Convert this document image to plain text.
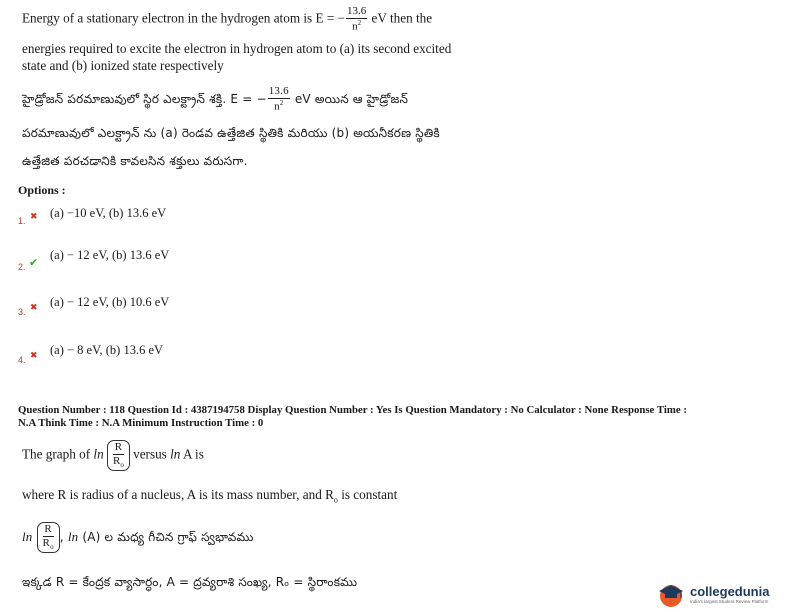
Energy of a stationary electron in the hydrogen atom is E = − $\frac{13.6}{n^2}$ eV then the
energies required to excite the electron in hydrogen atom to (a) its second excited
state and (b) ionized state respectively
హైడ్రోజన్ పరమాణువులో స్థిర ఎలక్ట్రాన్ శక్తి. E = − $\frac{13.6}{n^2}$ eV అయిన ఆ హైడ్రోజన్
పరమాణువులో ఎలక్ట్రాన్ ను (a) రెండవ ఉత్తేజిత స్థితికి మరియు (b) అయనీకరణ స్థితికి
ఉత్తేజిత పరచడానికి కావలసిన శక్తులు వరుసగా.
Options :
1. ✖ (a) −10 eV, (b) 13.6 eV
2. ✔
(a) − 12 eV, (b) 13.6 eV
3. ✖ (a) − 12 eV, (b) 10.6 eV
4. ✖ (a) − 8 eV, (b) 13.6 eV
Question Number : 118 Question Id : 4387194758 Display Question Number : Yes Is Question Mandatory : No Calculator : None Response Time :
N.A Think Time : N.A Minimum Instruction Time : 0
The graph of $\ln \frac{R}{R_o}$ versus ln A is
where R is radius of a nucleus, A is its mass number, and $R_o$ is constant
$\ln \frac{R}{R_o}$ , ln (A) ల మధ్య గీచిన గ్రాఫ్ స్వభావము
ఇక్కడ R = కేంద్రక వ్యాసార్ధం, A = ద్రవ్యరాశి సంఖ్య, Rₒ = స్థిరాంకము
collegedunia
India's largest Student Review Platform
